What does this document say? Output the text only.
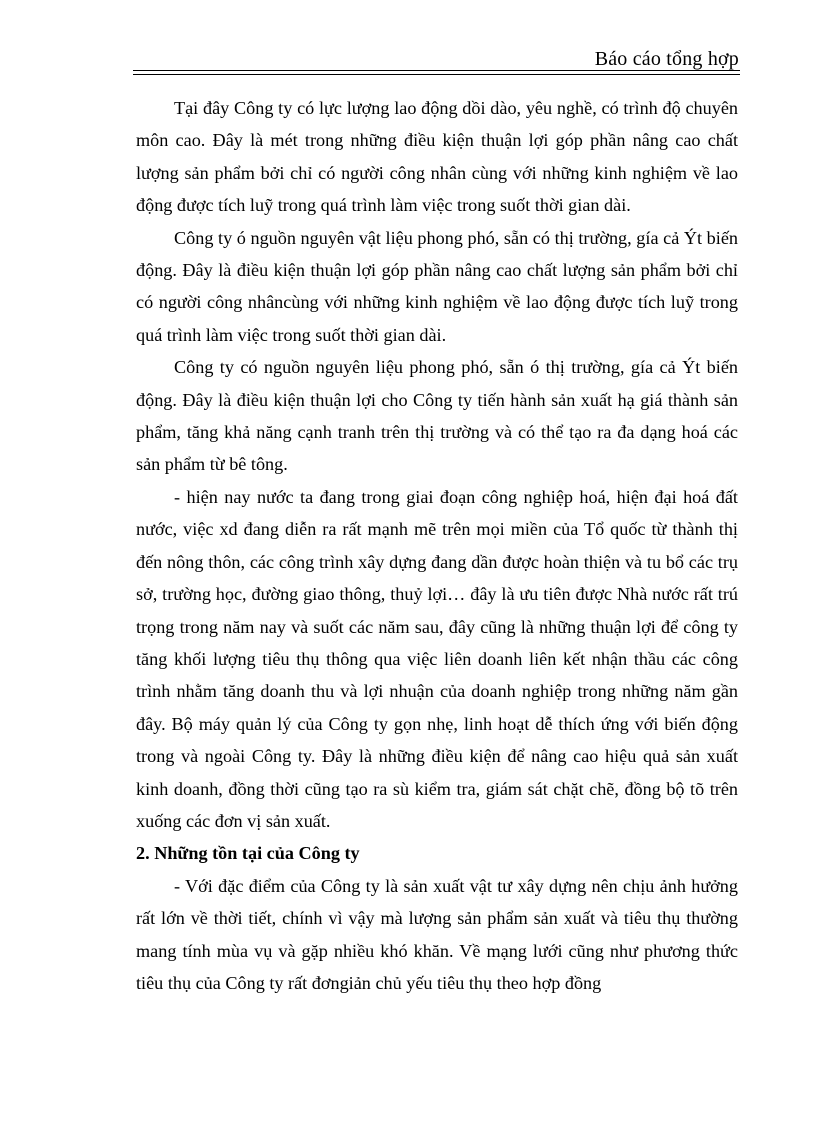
Báo cáo tổng hợp

Tại đây Công ty có lực lượng lao động dồi dào, yêu nghề, có trình độ chuyên môn cao. Đây là mét trong những điều kiện thuận lợi góp phần nâng cao chất lượng sản phẩm bởi chỉ có người công nhân cùng với những kinh nghiệm về lao động được tích luỹ trong quá trình làm việc trong suốt thời gian dài.

Công ty ó nguồn nguyên vật liệu phong phó, sẵn có thị trường, gía cả Ýt biến động. Đây là điều kiện thuận lợi góp phần nâng cao chất lượng sản phẩm bởi chỉ có người công nhâncùng với những kinh nghiệm về lao động được tích luỹ trong quá trình làm việc trong suốt thời gian dài.

Công ty có nguồn nguyên liệu phong phó, sẵn ó thị trường, gía cả Ýt biến động. Đây là điều kiện thuận lợi cho Công ty tiến hành sản xuất hạ giá thành sản phẩm, tăng khả năng cạnh tranh trên thị trường và có thể tạo ra đa dạng hoá các sản phẩm từ bê tông.

- hiện nay nước ta đang trong giai đoạn công nghiệp hoá, hiện đại hoá đất nước, việc xd đang diễn ra rất mạnh mẽ trên mọi miền của Tổ quốc từ thành thị đến nông thôn, các công trình xây dựng đang dần được hoàn thiện và tu bổ các trụ sở, trường học, đường giao thông, thuỷ lợi… đây là ưu tiên được Nhà nước rất trú trọng trong năm nay và suốt các năm sau, đây cũng là những thuận lợi để công ty tăng khối lượng tiêu thụ thông qua việc liên doanh liên kết nhận thầu các công trình nhằm tăng doanh thu và lợi nhuận của doanh nghiệp trong những năm gần đây. Bộ máy quản lý của Công ty gọn nhẹ, linh hoạt dễ thích ứng với biến động trong và ngoài Công ty. Đây là những điều kiện để nâng cao hiệu quả sản xuất kinh doanh, đồng thời cũng tạo ra sù kiểm tra, giám sát chặt chẽ, đồng bộ tõ trên xuống các đơn vị sản xuất.

2. Những tồn tại của Công ty

- Với đặc điểm của Công ty là sản xuất vật tư xây dựng nên chịu ảnh hưởng rất lớn về thời tiết, chính vì vậy mà lượng sản phẩm sản xuất và tiêu thụ thường mang tính mùa vụ và gặp nhiều khó khăn. Về mạng lưới cũng như phương thức tiêu thụ của Công ty rất đơngiản chủ yếu tiêu thụ theo hợp đồng
